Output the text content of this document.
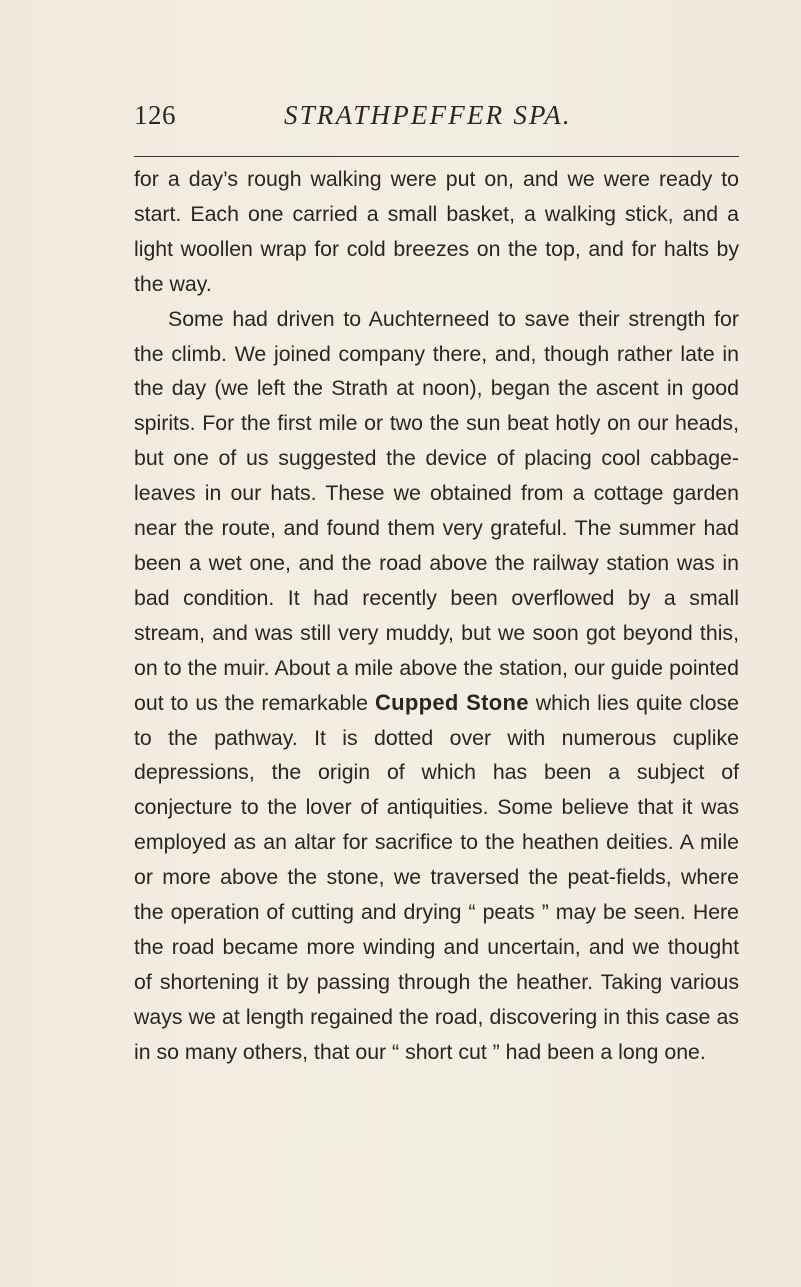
126	STRATHPEFFER SPA.

for a day’s rough walking were put on, and we were ready to start. Each one carried a small basket, a walking stick, and a light woollen wrap for cold breezes on the top, and for halts by the way.

Some had driven to Auchterneed to save their strength for the climb. We joined company there, and, though rather late in the day (we left the Strath at noon), began the ascent in good spirits. For the first mile or two the sun beat hotly on our heads, but one of us suggested the device of placing cool cabbage-leaves in our hats. These we obtained from a cottage garden near the route, and found them very grateful. The summer had been a wet one, and the road above the railway station was in bad condition. It had recently been overflowed by a small stream, and was still very muddy, but we soon got beyond this, on to the muir. About a mile above the station, our guide pointed out to us the remarkable Cupped Stone which lies quite close to the pathway. It is dotted over with numerous cuplike depressions, the origin of which has been a subject of conjecture to the lover of antiquities. Some believe that it was employed as an altar for sacrifice to the heathen deities. A mile or more above the stone, we traversed the peat-fields, where the operation of cutting and drying “ peats ” may be seen. Here the road became more winding and uncertain, and we thought of shortening it by passing through the heather. Taking various ways we at length regained the road, discovering in this case as in so many others, that our “ short cut ” had been a long one.
